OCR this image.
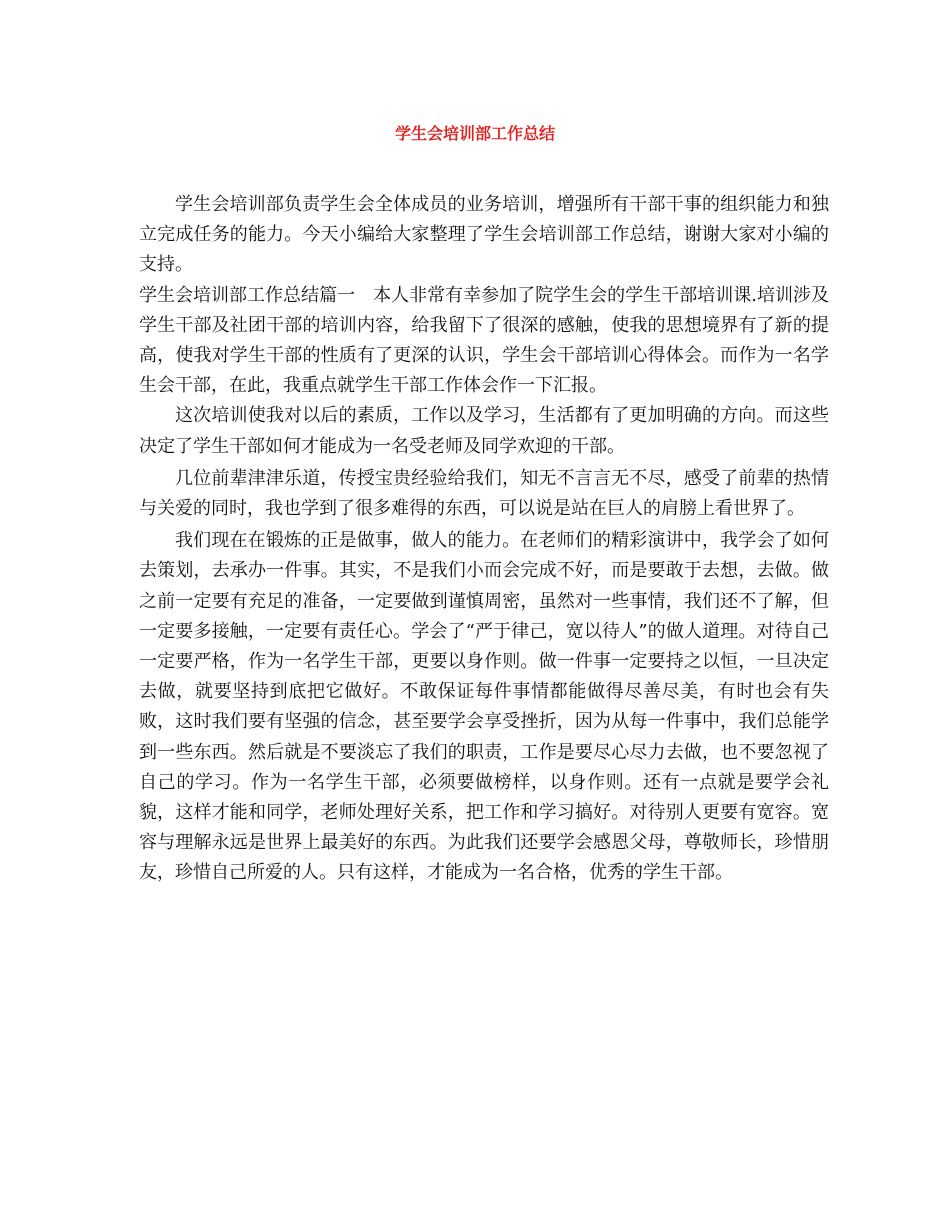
学生会培训部工作总结

学生会培训部负责学生会全体成员的业务培训，增强所有干部干事的组织能力和独立完成任务的能力。今天小编给大家整理了学生会培训部工作总结，谢谢大家对小编的支持。

学生会培训部工作总结篇一 本人非常有幸参加了院学生会的学生干部培训课.培训涉及学生干部及社团干部的培训内容，给我留下了很深的感触，使我的思想境界有了新的提高，使我对学生干部的性质有了更深的认识，学生会干部培训心得体会。而作为一名学生会干部，在此，我重点就学生干部工作体会作一下汇报。

这次培训使我对以后的素质，工作以及学习，生活都有了更加明确的方向。而这些决定了学生干部如何才能成为一名受老师及同学欢迎的干部。

几位前辈津津乐道，传授宝贵经验给我们，知无不言言无不尽，感受了前辈的热情与关爱的同时，我也学到了很多难得的东西，可以说是站在巨人的肩膀上看世界了。

我们现在在锻炼的正是做事，做人的能力。在老师们的精彩演讲中，我学会了如何去策划，去承办一件事。其实，不是我们小而会完成不好，而是要敢于去想，去做。做之前一定要有充足的准备，一定要做到谨慎周密，虽然对一些事情，我们还不了解，但一定要多接触，一定要有责任心。学会了“严于律己，宽以待人”的做人道理。对待自己一定要严格，作为一名学生干部，更要以身作则。做一件事一定要持之以恒，一旦决定去做，就要坚持到底把它做好。不敢保证每件事情都能做得尽善尽美，有时也会有失败，这时我们要有坚强的信念，甚至要学会享受挫折，因为从每一件事中，我们总能学到一些东西。然后就是不要淡忘了我们的职责，工作是要尽心尽力去做，也不要忽视了自己的学习。作为一名学生干部，必须要做榜样，以身作则。还有一点就是要学会礼貌，这样才能和同学，老师处理好关系，把工作和学习搞好。对待别人更要有宽容。宽容与理解永远是世界上最美好的东西。为此我们还要学会感恩父母，尊敬师长，珍惜朋友，珍惜自己所爱的人。只有这样，才能成为一名合格，优秀的学生干部。
